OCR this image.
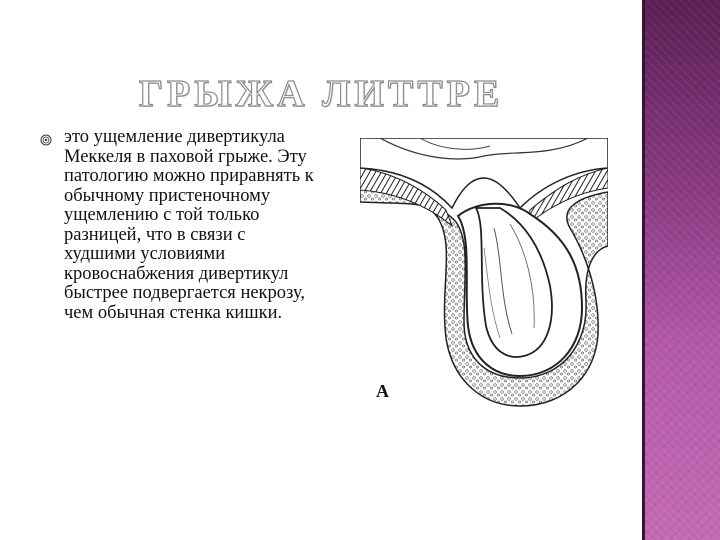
ГРЫЖА ЛИТТРЕ
это ущемление дивертикула Меккеля в паховой грыже. Эту патологию можно приравнять к обычному пристеночному ущемлению с той только разницей, что в связи с худшими условиями кровоснабжения дивертикул быстрее подвергается некрозу, чем обычная стенка кишки.
А
